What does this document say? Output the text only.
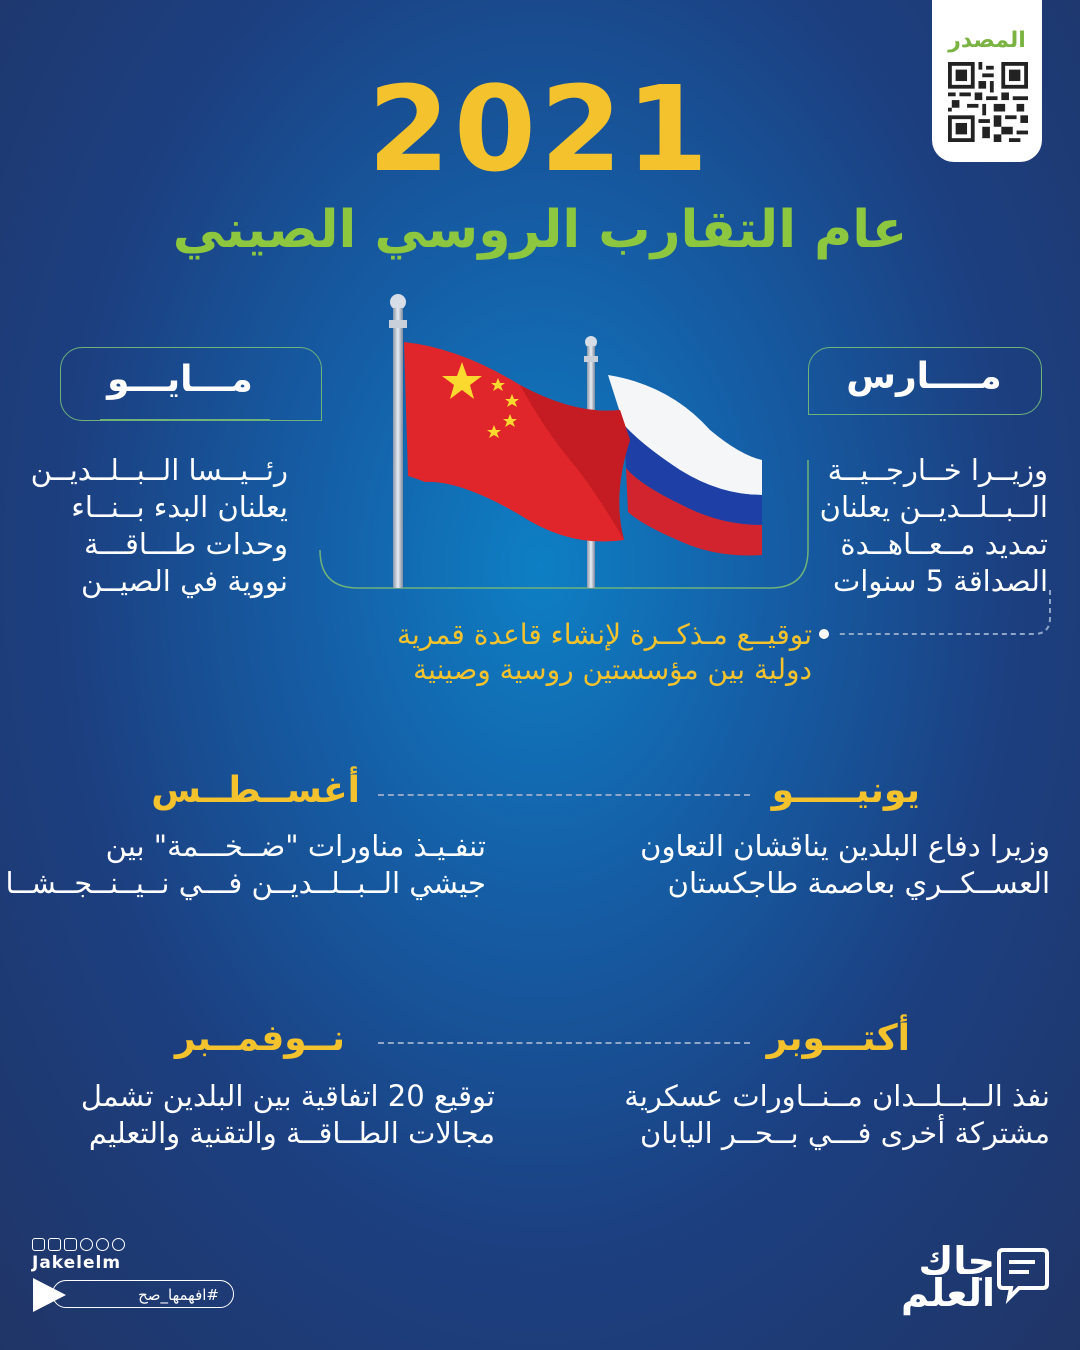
2021
عام التقارب الروسي الصيني
المصدر
مــــارس
وزيــرا خــارجــيــة
الــبــلــديــن يعلنان
تمديد مــعــاهــدة
الصداقة 5 سنوات
توقيــع مـذكــرة لإنشاء قاعدة قمرية
دولية بين مؤسستين روسية وصينية
مـــايـــو
رئــيــسا الــبــلــديــن
يعلنان البدء بــنــاء
وحدات طـــاقـــة
نووية في الصيــن
يونيـــــو
أغســطــس
وزيرا دفاع البلدين يناقشان التعاون
العســكــري بعاصمة طاجكستان
تنفـيـذ مناورات "ضــخـــمة" بين
جيشي الــبــلــديــن فـــي نــيــنــجــشــا
أكتـــوبر
نــوفمــبر
نفذ الــبــلــدان مــنــاورات عسكرية
مشتركة أخرى فـــي بــحــر اليابان
توقيع 20 اتفاقية بين البلدين تشمل
مجالات الطــاقــة والتقنية والتعليم
Jakelelm
#افهمها_صح
جاك
العلم
